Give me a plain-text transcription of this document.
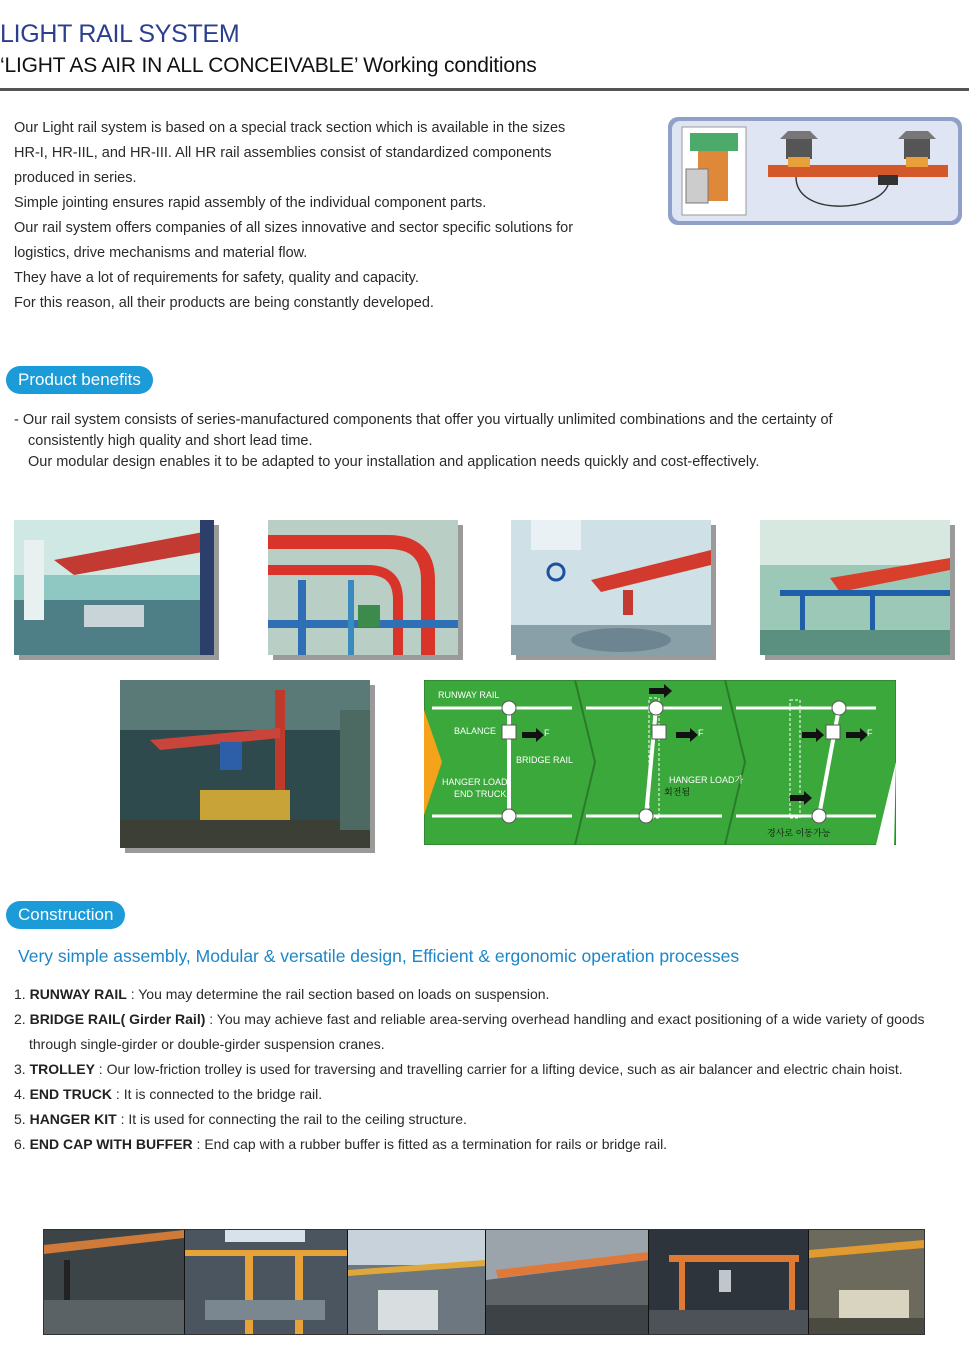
LIGHT RAIL SYSTEM
‘LIGHT AS AIR IN ALL CONCEIVABLE’ Working conditions

Our Light rail system is based on a special track section which is available in the sizes

HR-I, HR-IIL, and HR-III. All HR rail assemblies consist of standardized components

produced in series.

Simple jointing ensures rapid assembly of the individual component parts.

Our rail system offers companies of all sizes innovative and sector specific solutions for

logistics, drive mechanisms and material flow.

They have a lot of requirements for safety, quality and capacity.

For this reason, all their products are being constantly developed.

Product benefits

- Our rail system consists of series-manufactured components that offer you virtually unlimited combinations and the certainty of

consistently high quality and short lead time.

Our modular design enables it to be adapted to your installation and application needs quickly and cost-effectively.

RUNWAY RAIL
BALANCE	F
BRIDGE RAIL
HANGER LOAD
END TRUCK
F
HANGER LOAD가
회전됨
F
경사로 이동가능
Construction
Very simple assembly, Modular & versatile design, Efficient & ergonomic operation processes

1. RUNWAY RAIL : You may determine the rail section based on loads on suspension.

2. BRIDGE RAIL( Girder Rail) : You may achieve fast and reliable area-serving overhead handling and exact positioning of a wide variety of goods

through single-girder or double-girder suspension cranes.

3. TROLLEY : Our low-friction trolley is used for traversing and travelling carrier for a lifting device, such as air balancer and electric chain hoist.

4. END TRUCK : It is connected to the bridge rail.

5. HANGER KIT : It is used for connecting the rail to the ceiling structure.

6. END CAP WITH BUFFER : End cap with a rubber buffer is fitted as a termination for rails or bridge rail.
